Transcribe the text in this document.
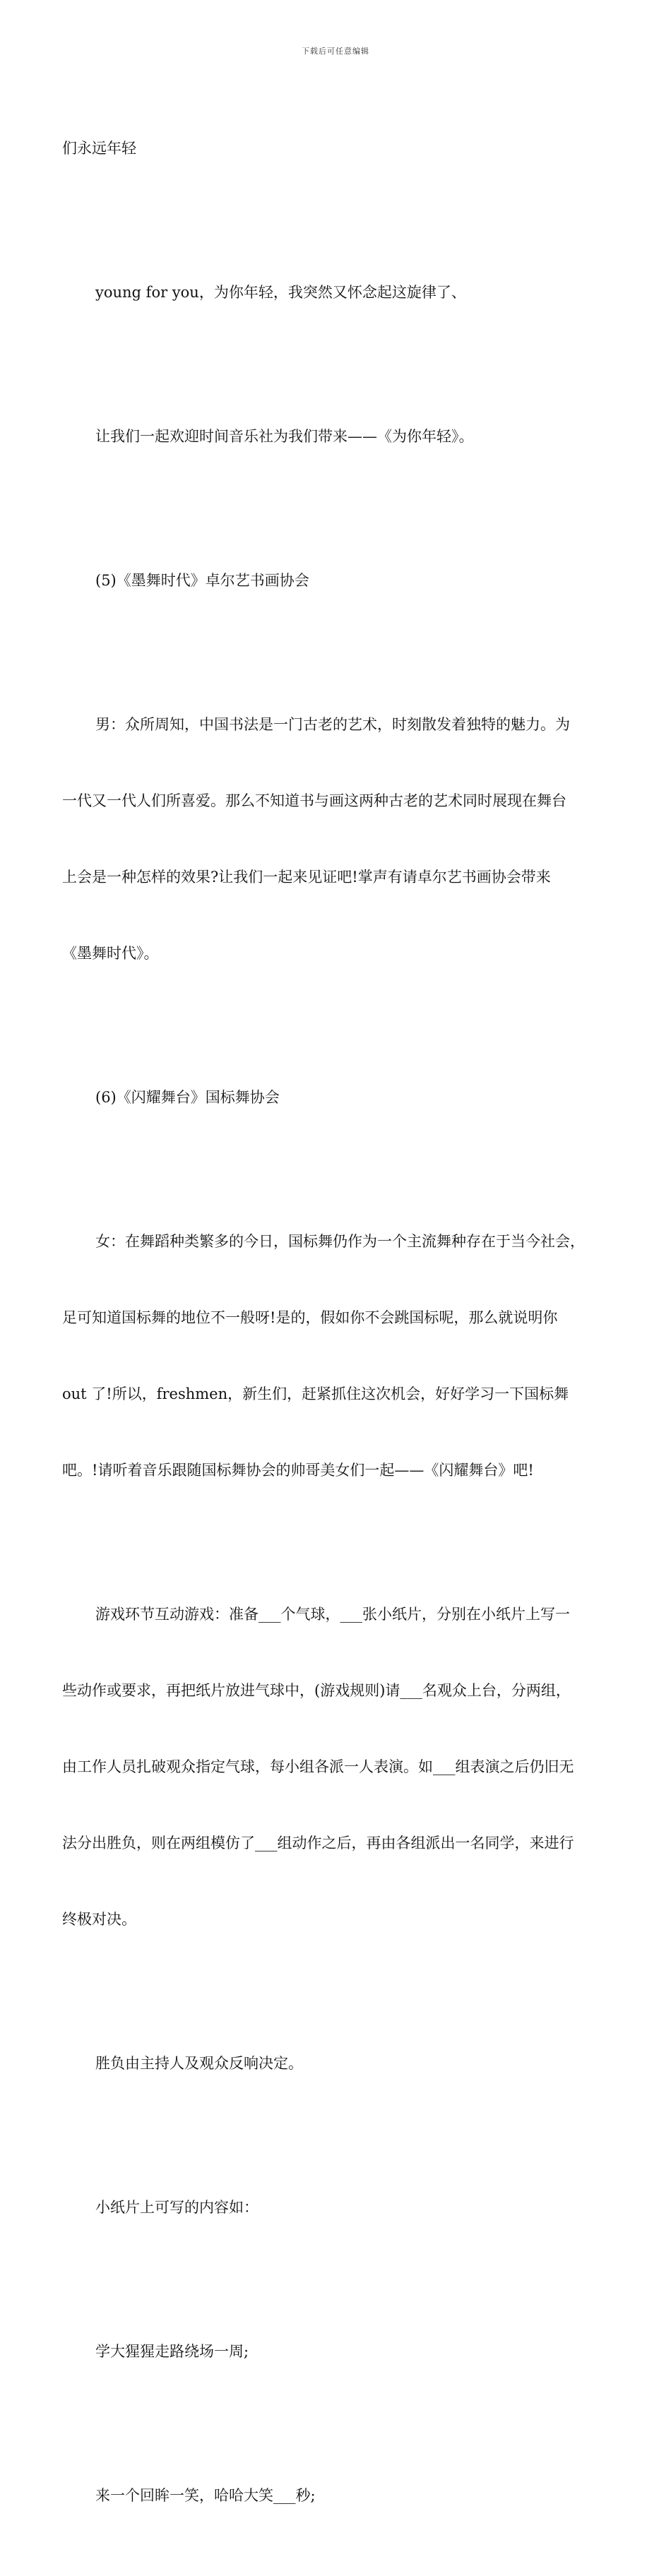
下载后可任意编辑

们永远年轻

young for you，为你年轻，我突然又怀念起这旋律了、

让我们一起欢迎时间音乐社为我们带来——《为你年轻》。

(5)《墨舞时代》卓尔艺书画协会

男：众所周知，中国书法是一门古老的艺术，时刻散发着独特的魅力。为

一代又一代人们所喜爱。那么不知道书与画这两种古老的艺术同时展现在舞台

上会是一种怎样的效果?让我们一起来见证吧!掌声有请卓尔艺书画协会带来

《墨舞时代》。

(6)《闪耀舞台》国标舞协会

女：在舞蹈种类繁多的今日，国标舞仍作为一个主流舞种存在于当今社会，

足可知道国标舞的地位不一般呀!是的，假如你不会跳国标呢，那么就说明你

out 了!所以，freshmen，新生们，赶紧抓住这次机会，好好学习一下国标舞

吧。!请听着音乐跟随国标舞协会的帅哥美女们一起——《闪耀舞台》吧!

游戏环节互动游戏：准备___个气球，___张小纸片，分别在小纸片上写一

些动作或要求，再把纸片放进气球中，(游戏规则)请___名观众上台，分两组，

由工作人员扎破观众指定气球，每小组各派一人表演。如___组表演之后仍旧无

法分出胜负，则在两组模仿了___组动作之后，再由各组派出一名同学，来进行

终极对决。

胜负由主持人及观众反响决定。

小纸片上可写的内容如：

学大猩猩走路绕场一周;

来一个回眸一笑，哈哈大笑___秒;
